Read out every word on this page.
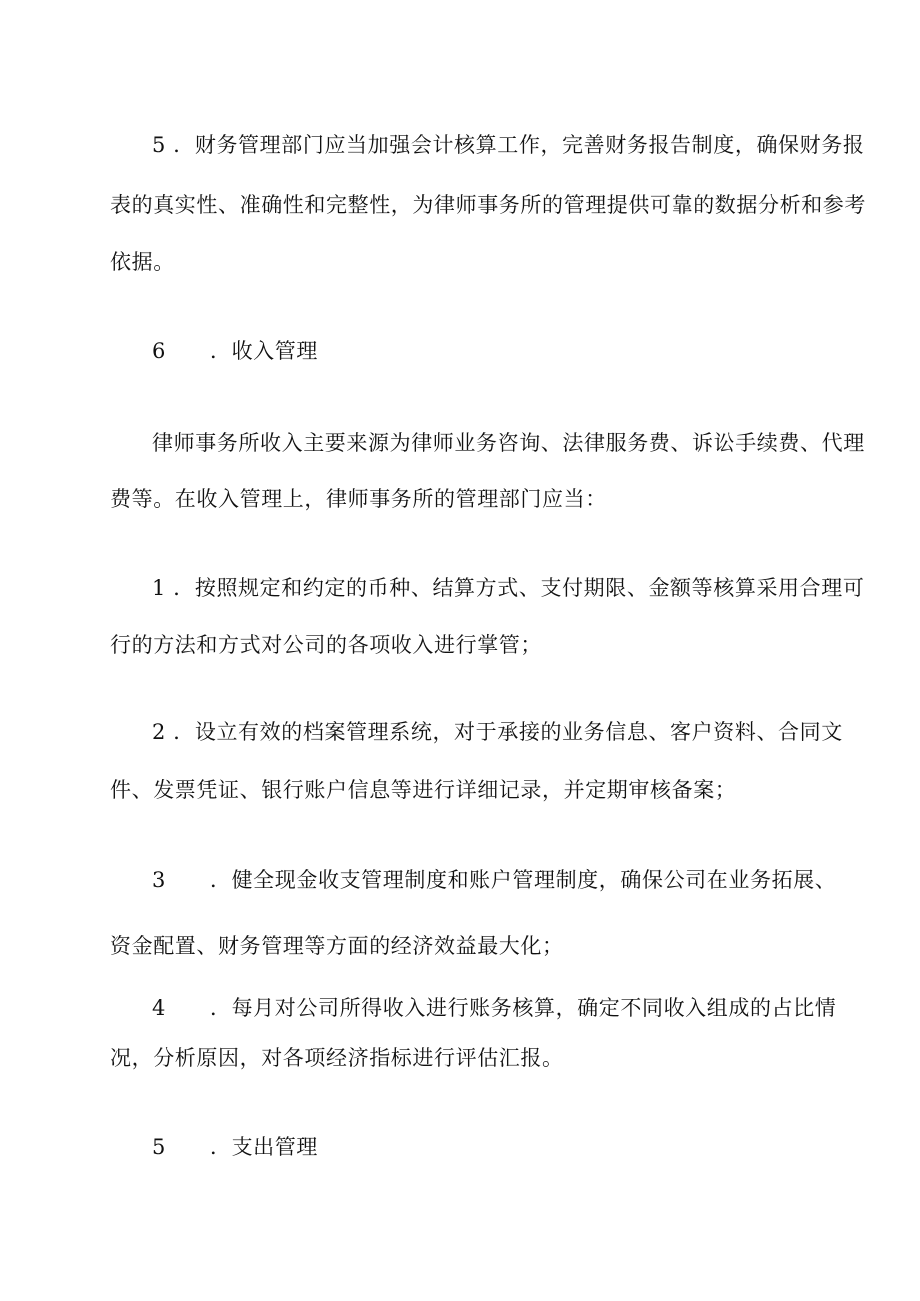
5 ．财务管理部门应当加强会计核算工作，完善财务报告制度，确保财务报
表的真实性、准确性和完整性，为律师事务所的管理提供可靠的数据分析和参考
依据。
6 ．收入管理
律师事务所收入主要来源为律师业务咨询、法律服务费、诉讼手续费、代理
费等。在收入管理上，律师事务所的管理部门应当：
1 ．按照规定和约定的币种、结算方式、支付期限、金额等核算采用合理可
行的方法和方式对公司的各项收入进行掌管；
2 ．设立有效的档案管理系统，对于承接的业务信息、客户资料、合同文
件、发票凭证、银行账户信息等进行详细记录，并定期审核备案；
3 ．健全现金收支管理制度和账户管理制度，确保公司在业务拓展、
资金配置、财务管理等方面的经济效益最大化；
4 ．每月对公司所得收入进行账务核算，确定不同收入组成的占比情
况，分析原因，对各项经济指标进行评估汇报。
5 ．支出管理
